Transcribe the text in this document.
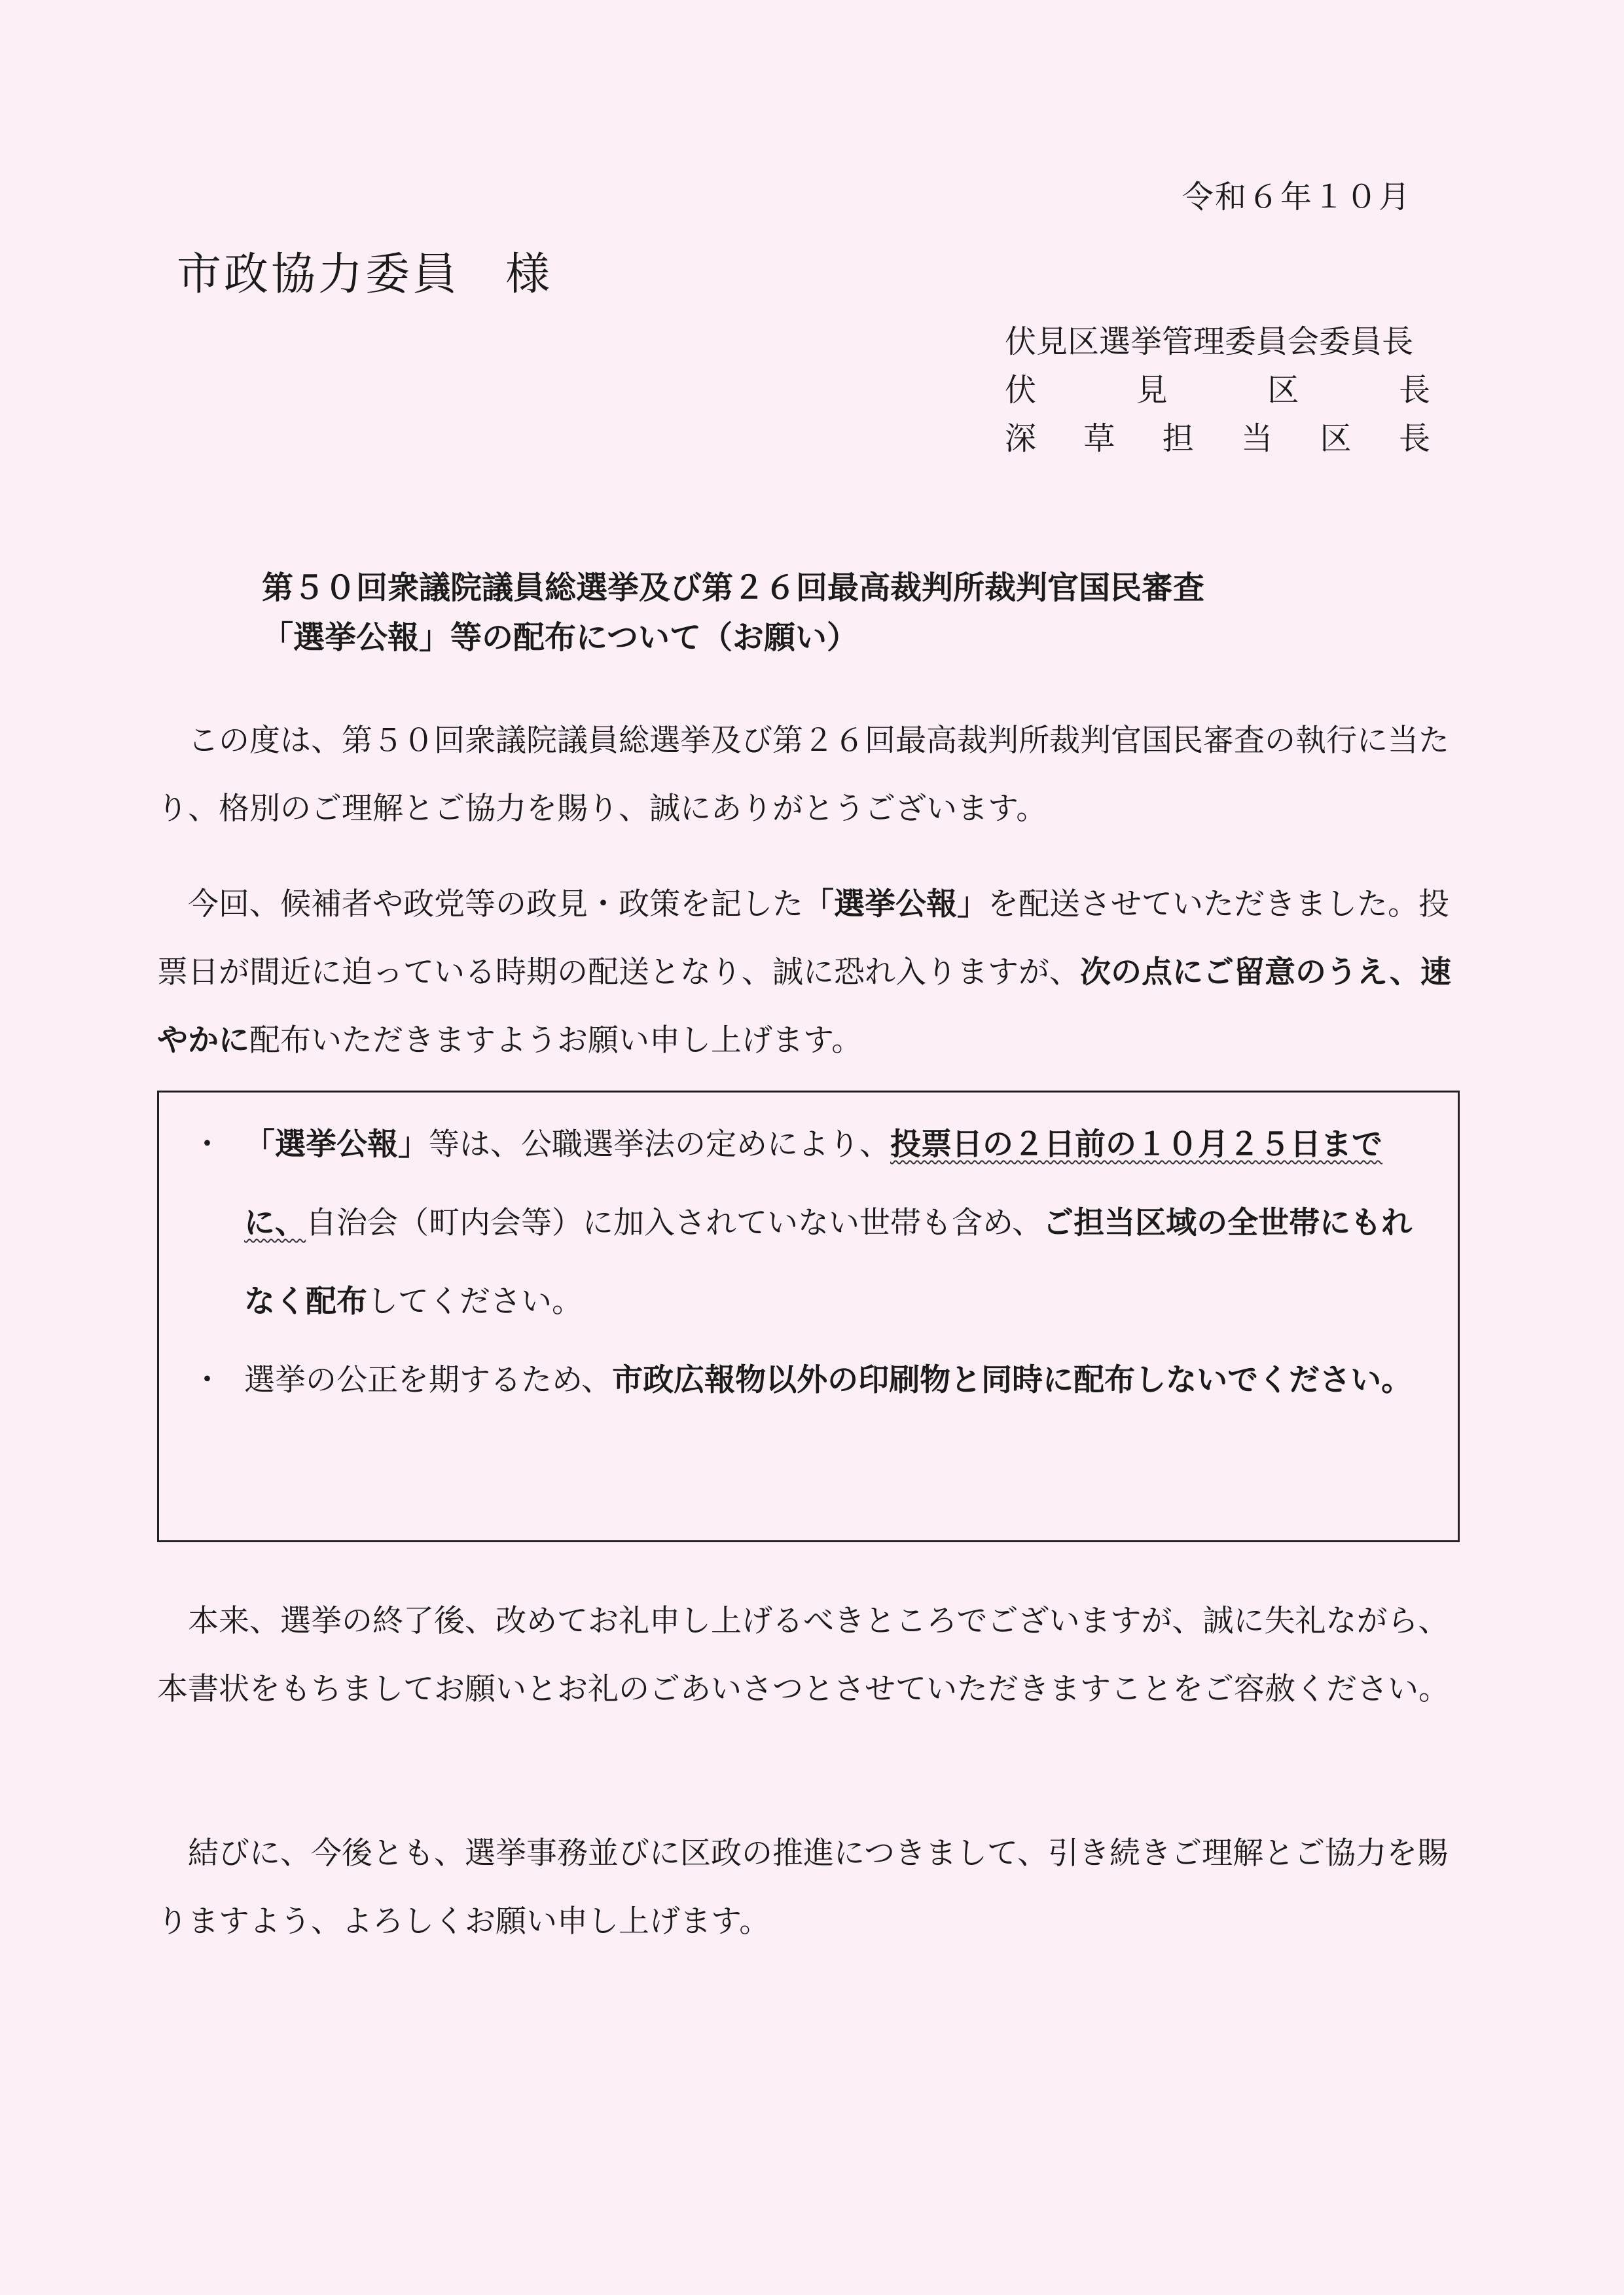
令和６年１０月
市政協力委員 様
伏見区選挙管理委員会委員長
伏	見	区	長
深 草 担 当 区 長
第５０回衆議院議員総選挙及び第２６回最高裁判所裁判官国民審査
「選挙公報」等の配布について（お願い）

この度は、第５０回衆議院議員総選挙及び第２６回最高裁判所裁判官国民審査の執行に当たり、格別のご理解とご協力を賜り、誠にありがとうございます。

今回、候補者や政党等の政見・政策を記した「選挙公報」を配送させていただきました。投票日が間近に迫っている時期の配送となり、誠に恐れ入りますが、次の点にご留意のうえ、速やかに配布いただきますようお願い申し上げます。

・ 「選挙公報」等は、公職選挙法の定めにより、投票日の２日前の１０月２５日までに、自治会（町内会等）に加入されていない世帯も含め、ご担当区域の全世帯にもれなく配布してください。
・ 選挙の公正を期するため、市政広報物以外の印刷物と同時に配布しないでください。

本来、選挙の終了後、改めてお礼申し上げるべきところでございますが、誠に失礼ながら、本書状をもちましてお願いとお礼のごあいさつとさせていただきますことをご容赦ください。

結びに、今後とも、選挙事務並びに区政の推進につきまして、引き続きご理解とご協力を賜りますよう、よろしくお願い申し上げます。
